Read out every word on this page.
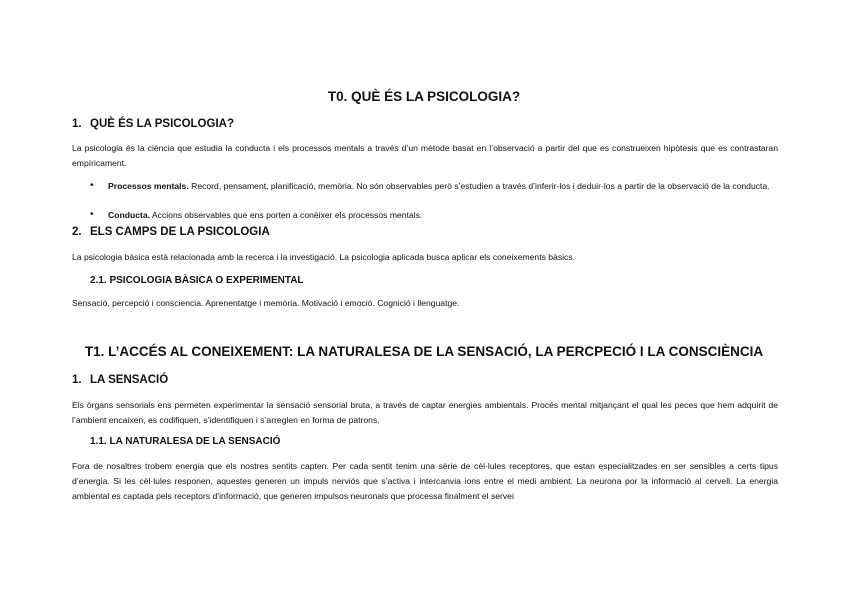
T0. QUÈ ÉS LA PSICOLOGIA?
1. QUÈ ÉS LA PSICOLOGIA?
La psicologia és la ciència que estudia la conducta i els processos mentals a través d’un mètode basat en l’observació a partir del que es construeixen hipòtesis que es contrastaran empíricament.
• Processos mentals. Record, pensament, planificació, memòria. No són observables però s’estudien a través d’inferir-los i deduir-los a partir de la observació de la conducta.
• Conducta. Accions observables que ens porten a conèixer els processos mentals.
2. ELS CAMPS DE LA PSICOLOGIA
La psicologia bàsica està relacionada amb la recerca i la investigació. La psicologia aplicada busca aplicar els coneixements bàsics.
2.1. PSICOLOGIA BÀSICA O EXPERIMENTAL
Sensació, percepció i consciencia. Aprenentatge i memòria. Motivació i emoció. Cognició i llenguatge.
T1. L’ACCÉS AL CONEIXEMENT: LA NATURALESA DE LA SENSACIÓ, LA PERCPECIÓ I LA CONSCIÈNCIA
1. LA SENSACIÓ
Els òrgans sensorials ens permeten experimentar la sensació sensorial bruta, a través de captar energies ambientals. Procés mental mitjançant el qual les peces que hem adquirit de l’ambient encaixen, es codifiquen, s’identifiquen i s’arreglen en forma de patrons.
1.1. LA NATURALESA DE LA SENSACIÓ
Fora de nosaltres trobem energia que els nostres sentits capten. Per cada sentit tenim una sèrie de cèl·lules receptores, que estan especialitzades en ser sensibles a certs tipus d’energia. Si les cèl·lules responen, aquestes generen un impuls nerviós que s’activa i intercanvia ions entre el medi ambient. La neurona por la informació al cervell. La energia ambiental es captada pels receptors d’informació, que generen impulsos neuronals que processa finalment el servei
